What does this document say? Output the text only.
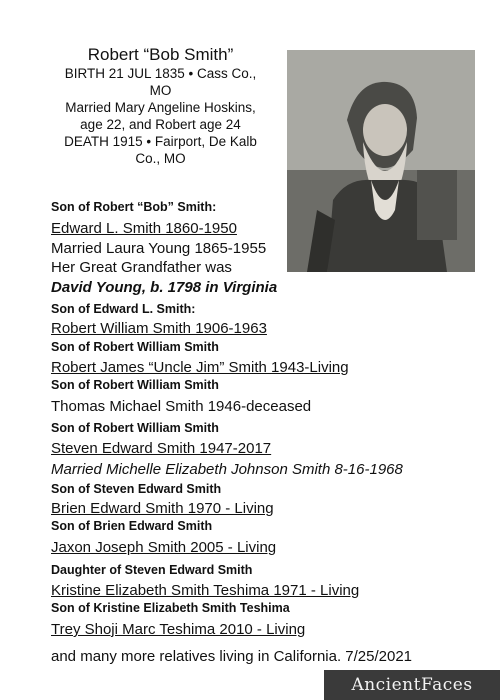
Robert “Bob Smith”
BIRTH 21 JUL 1835 • Cass Co.,
MO
Married Mary Angeline Hoskins,
age 22, and Robert age 24
DEATH 1915 • Fairport, De Kalb
Co., MO
Son of Robert “Bob” Smith:
Edward L. Smith 1860-1950
Married Laura Young 1865-1955
Her Great Grandfather was
David Young, b. 1798 in Virginia
Son of Edward L. Smith:
Robert William Smith 1906-1963
Son of Robert William Smith
Robert James “Uncle Jim” Smith 1943-Living
Son of Robert William Smith
Thomas Michael Smith 1946-deceased
Son of Robert William Smith
Steven Edward Smith 1947-2017
Married Michelle Elizabeth Johnson Smith 8-16-1968
Son of Steven Edward Smith
Brien Edward Smith 1970 - Living
Son of Brien Edward Smith
Jaxon Joseph Smith 2005 - Living
Daughter of Steven Edward Smith
Kristine Elizabeth Smith Teshima 1971 - Living
Son of Kristine Elizabeth Smith Teshima
Trey Shoji Marc Teshima 2010 - Living
and many more relatives living in California. 7/25/2021
AncientFaces
